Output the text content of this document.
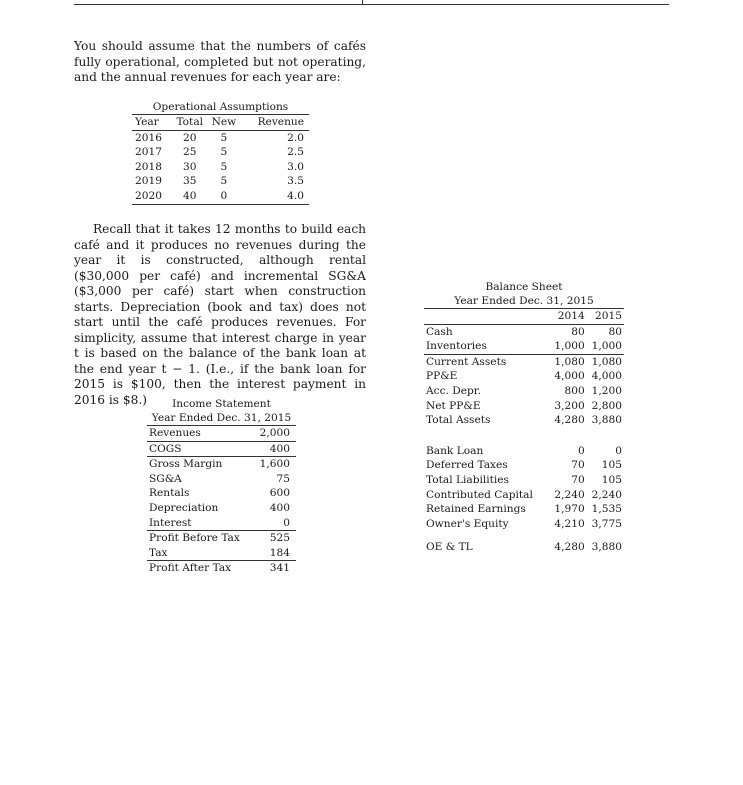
You should assume that the numbers of cafés fully operational, completed but not operating, and the annual revenues for each year are:
Operational Assumptions			
Year	Total	New	Revenue
2016	20	5	2.0
2017	25	5	2.5
2018	30	5	3.0
2019	35	5	3.5
2020	40	0	4.0
Recall that it takes 12 months to build each café and it produces no revenues during the year it is constructed, although rental ($30,000 per café) and incremental SG&A ($3,000 per café) start when construction starts. Depreciation (book and tax) does not start until the café produces revenues. For simplicity, assume that interest charge in year t is based on the balance of the bank loan at the end year t − 1. (I.e., if the bank loan for 2015 is $100, then the interest payment in 2016 is $8.)	Income Statement	
Year Ended Dec. 31, 2015	
Revenues	2,000
COGS	400
Gross Margin	1,600
SG&A	75
Rentals	600
Depreciation	400
Interest	0
Profit Before Tax	525
Tax	184
Profit After Tax	341
Balance Sheet		
Year Ended Dec. 31, 2015		
	2014	2015
Cash	80	80
Inventories	1,000	1,000
Current Assets	1,080	1,080
PP&E	4,000	4,000
Acc. Depr.	800	1,200
Net PP&E	3,200	2,800
Total Assets	4,280	3,880

Bank Loan	0	0
Deferred Taxes	70	105
Total Liabilities	70	105
Contributed Capital	2,240	2,240
Retained Earnings	1,970	1,535
Owner's Equity	4,210	3,775

OE & TL	4,280	3,880
